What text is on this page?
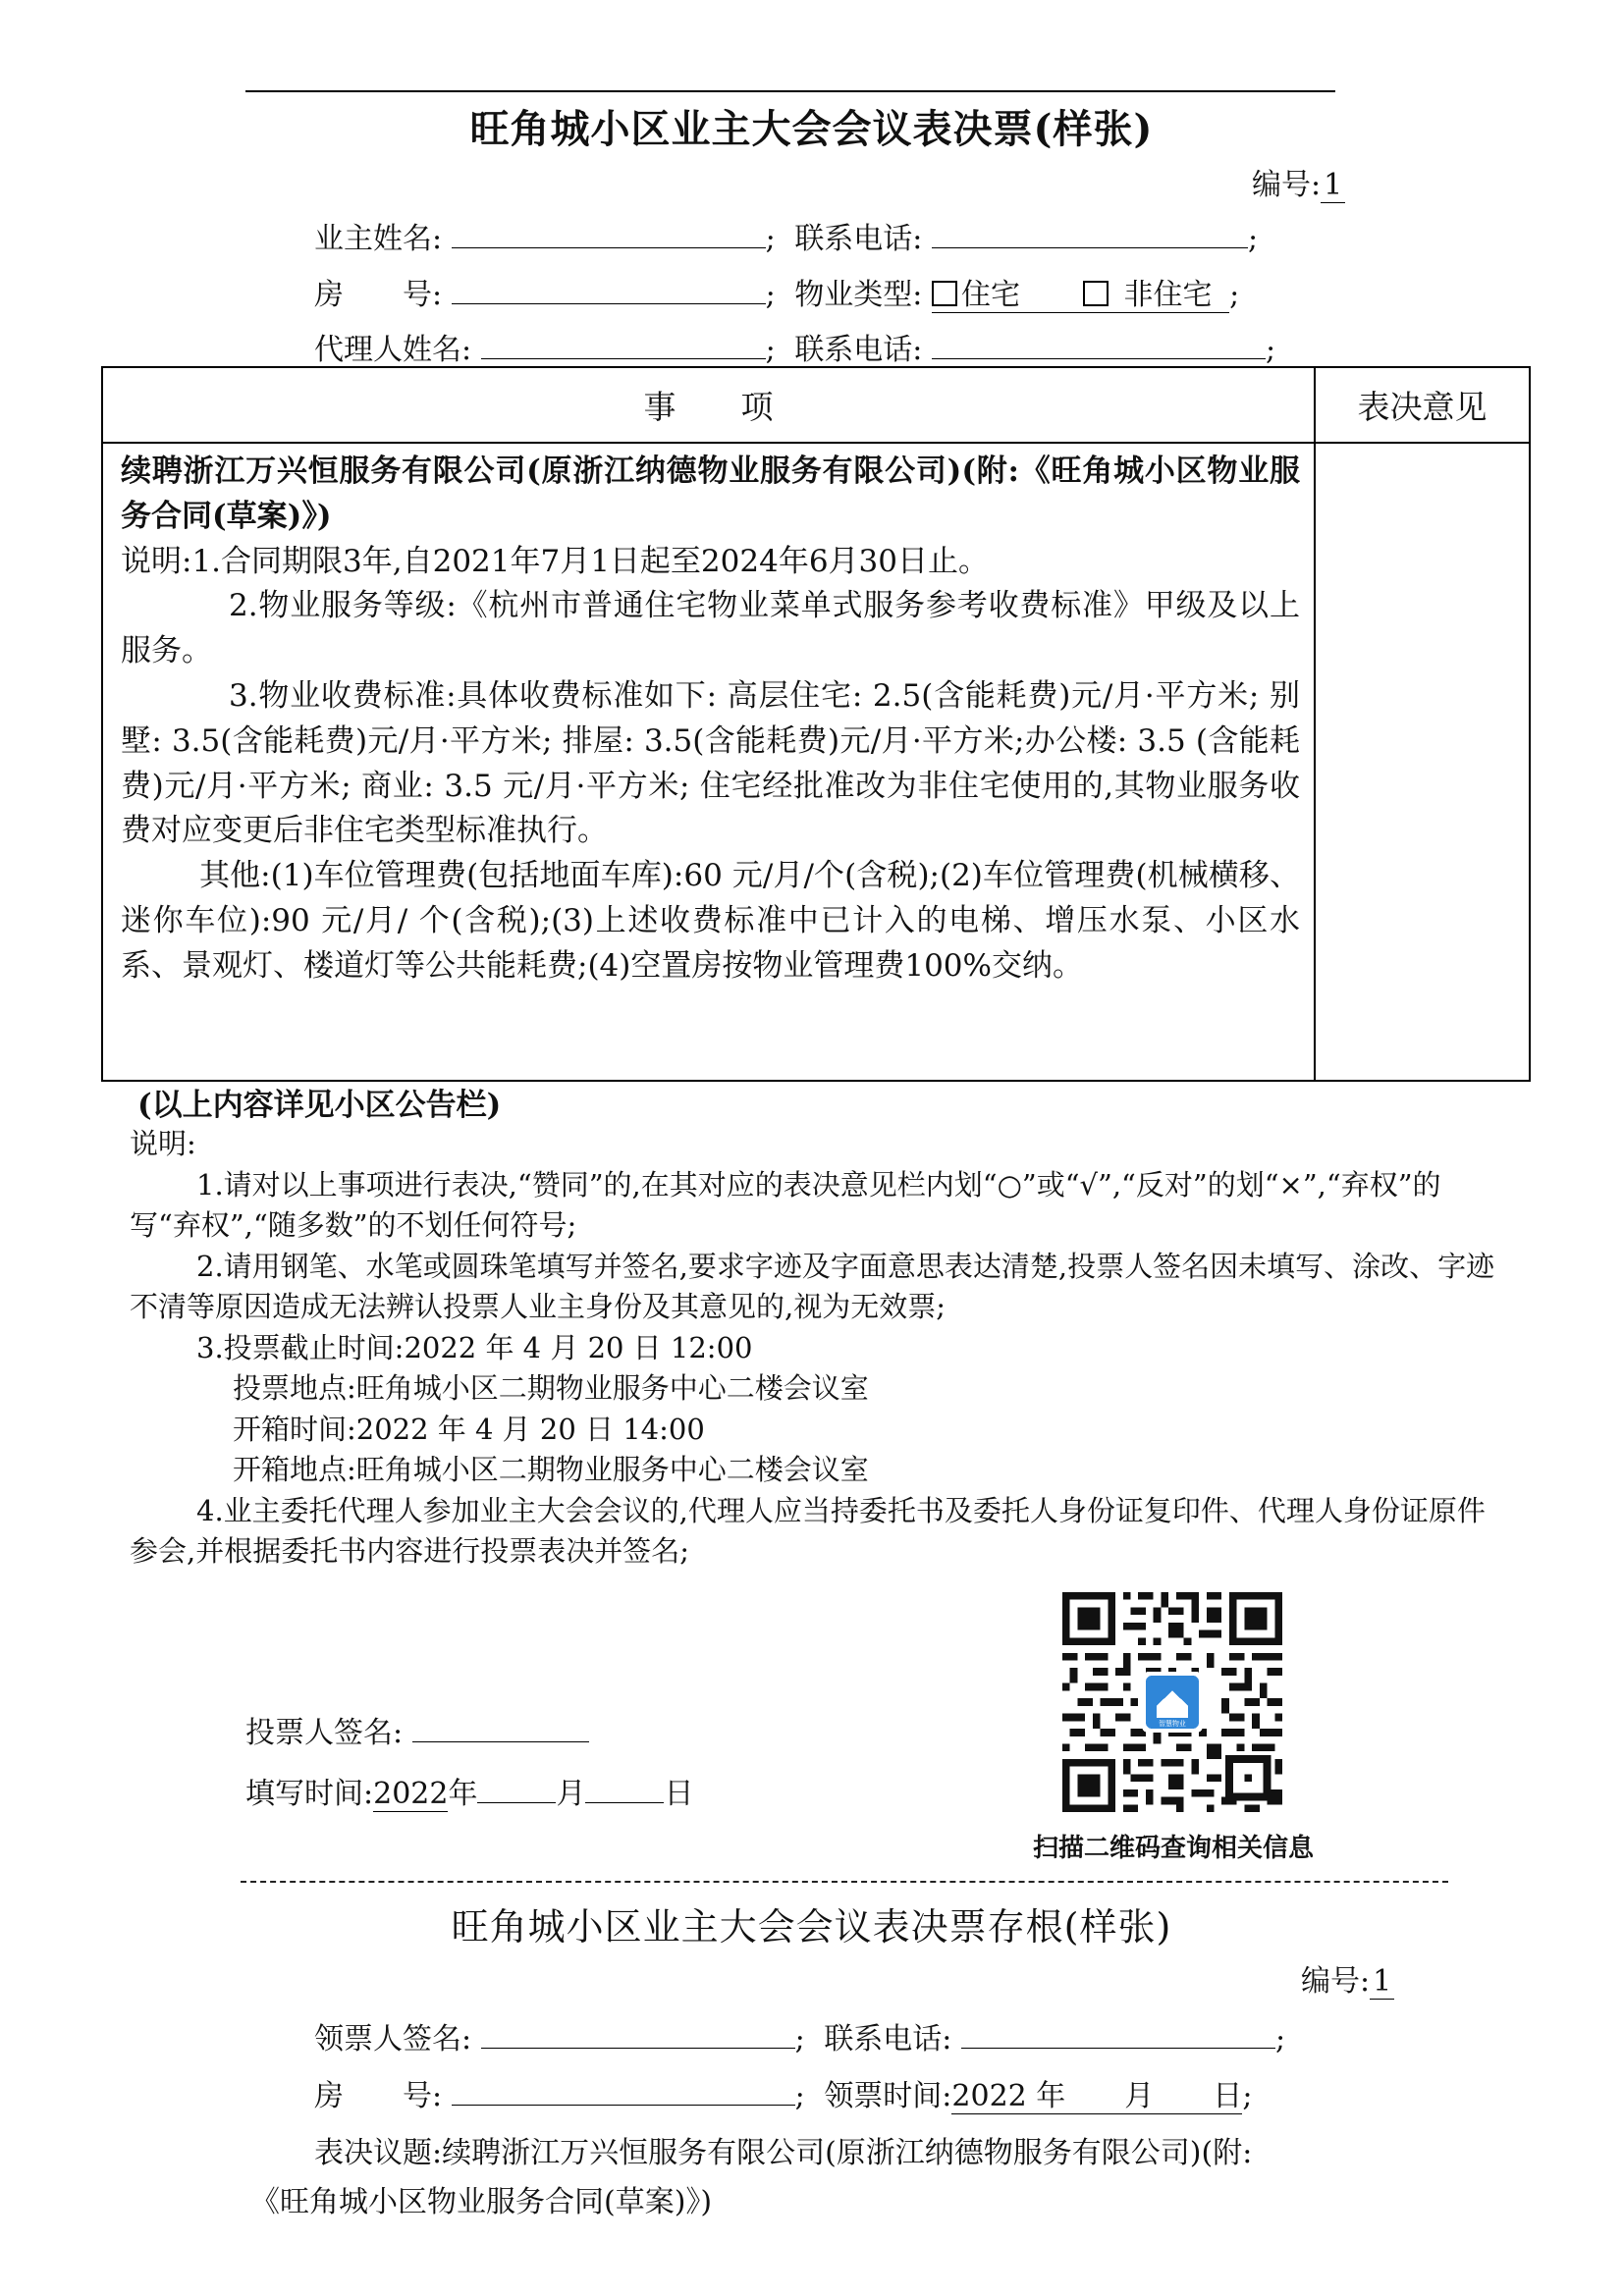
旺角城小区业主大会会议表决票(样张)
编号: 1
业主姓名:	; 联系电话:	;
房　　号:	; 物业类型: 住宅	非住宅 ;
代理人姓名:	; 联系电话:	;
事　　项	表决意见

续聘浙江万兴恒服务有限公司(原浙江纳德物业服务有限公司)(附:《旺角城小区物业服务合同(草案)》)

说明:1.合同期限3年,自2021年7月1日起至2024年6月30日止。

2.物业服务等级:《杭州市普通住宅物业菜单式服务参考收费标准》甲级及以上服务。

3.物业收费标准:具体收费标准如下: 高层住宅: 2.5(含能耗费)元/月·平方米; 别墅: 3.5(含能耗费)元/月·平方米; 排屋: 3.5(含能耗费)元/月·平方米;办公楼: 3.5 (含能耗费)元/月·平方米; 商业: 3.5 元/月·平方米; 住宅经批准改为非住宅使用的,其物业服务收费对应变更后非住宅类型标准执行。

其他:(1)车位管理费(包括地面车库):60 元/月/个(含税);(2)车位管理费(机械横移、迷你车位):90 元/月/ 个(含税);(3)上述收费标准中已计入的电梯、增压水泵、小区水系、景观灯、楼道灯等公共能耗费;(4)空置房按物业管理费100%交纳。	

(以上内容详见小区公告栏)

说明:

1.请对以上事项进行表决,“赞同”的,在其对应的表决意见栏内划“○”或“√”,“反对”的划“×”,“弃权”的写“弃权”,“随多数”的不划任何符号;

2.请用钢笔、水笔或圆珠笔填写并签名,要求字迹及字面意思表达清楚,投票人签名因未填写、涂改、字迹不清等原因造成无法辨认投票人业主身份及其意见的,视为无效票;

3.投票截止时间:2022 年 4 月 20 日 12:00

投票地点:旺角城小区二期物业服务中心二楼会议室

开箱时间:2022 年 4 月 20 日 14:00

开箱地点:旺角城小区二期物业服务中心二楼会议室

4.业主委托代理人参加业主大会会议的,代理人应当持委托书及委托人身份证复印件、代理人身份证原件参会,并根据委托书内容进行投票表决并签名;

投票人签名:
填写时间:2022年	月	日
扫描二维码查询相关信息
旺角城小区业主大会会议表决票存根(样张)
编号: 1
领票人签名:	; 联系电话:	;
房　　号:	; 领票时间:2022 年　　月　　日;
表决议题:续聘浙江万兴恒服务有限公司(原浙江纳德物服务有限公司)(附:
《旺角城小区物业服务合同(草案)》)
